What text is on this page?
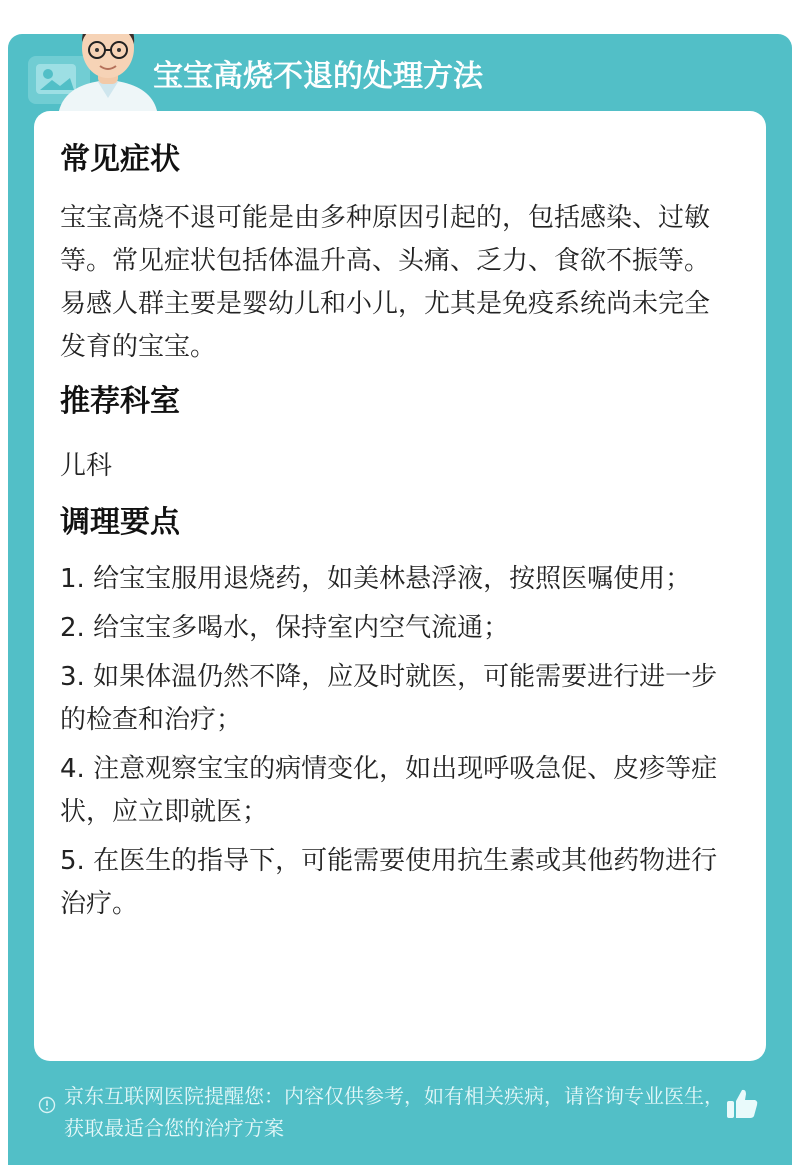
宝宝高烧不退的处理方法
常见症状

宝宝高烧不退可能是由多种原因引起的，包括感染、过敏等。常见症状包括体温升高、头痛、乏力、食欲不振等。易感人群主要是婴幼儿和小儿，尤其是免疫系统尚未完全发育的宝宝。

推荐科室

儿科

调理要点

1. 给宝宝服用退烧药，如美林悬浮液，按照医嘱使用；

2. 给宝宝多喝水，保持室内空气流通；

3. 如果体温仍然不降，应及时就医，可能需要进行进一步的检查和治疗；

4. 注意观察宝宝的病情变化，如出现呼吸急促、皮疹等症状，应立即就医；

5. 在医生的指导下，可能需要使用抗生素或其他药物进行治疗。

京东互联网医院提醒您：内容仅供参考，如有相关疾病，请咨询专业医生，获取最适合您的治疗方案
